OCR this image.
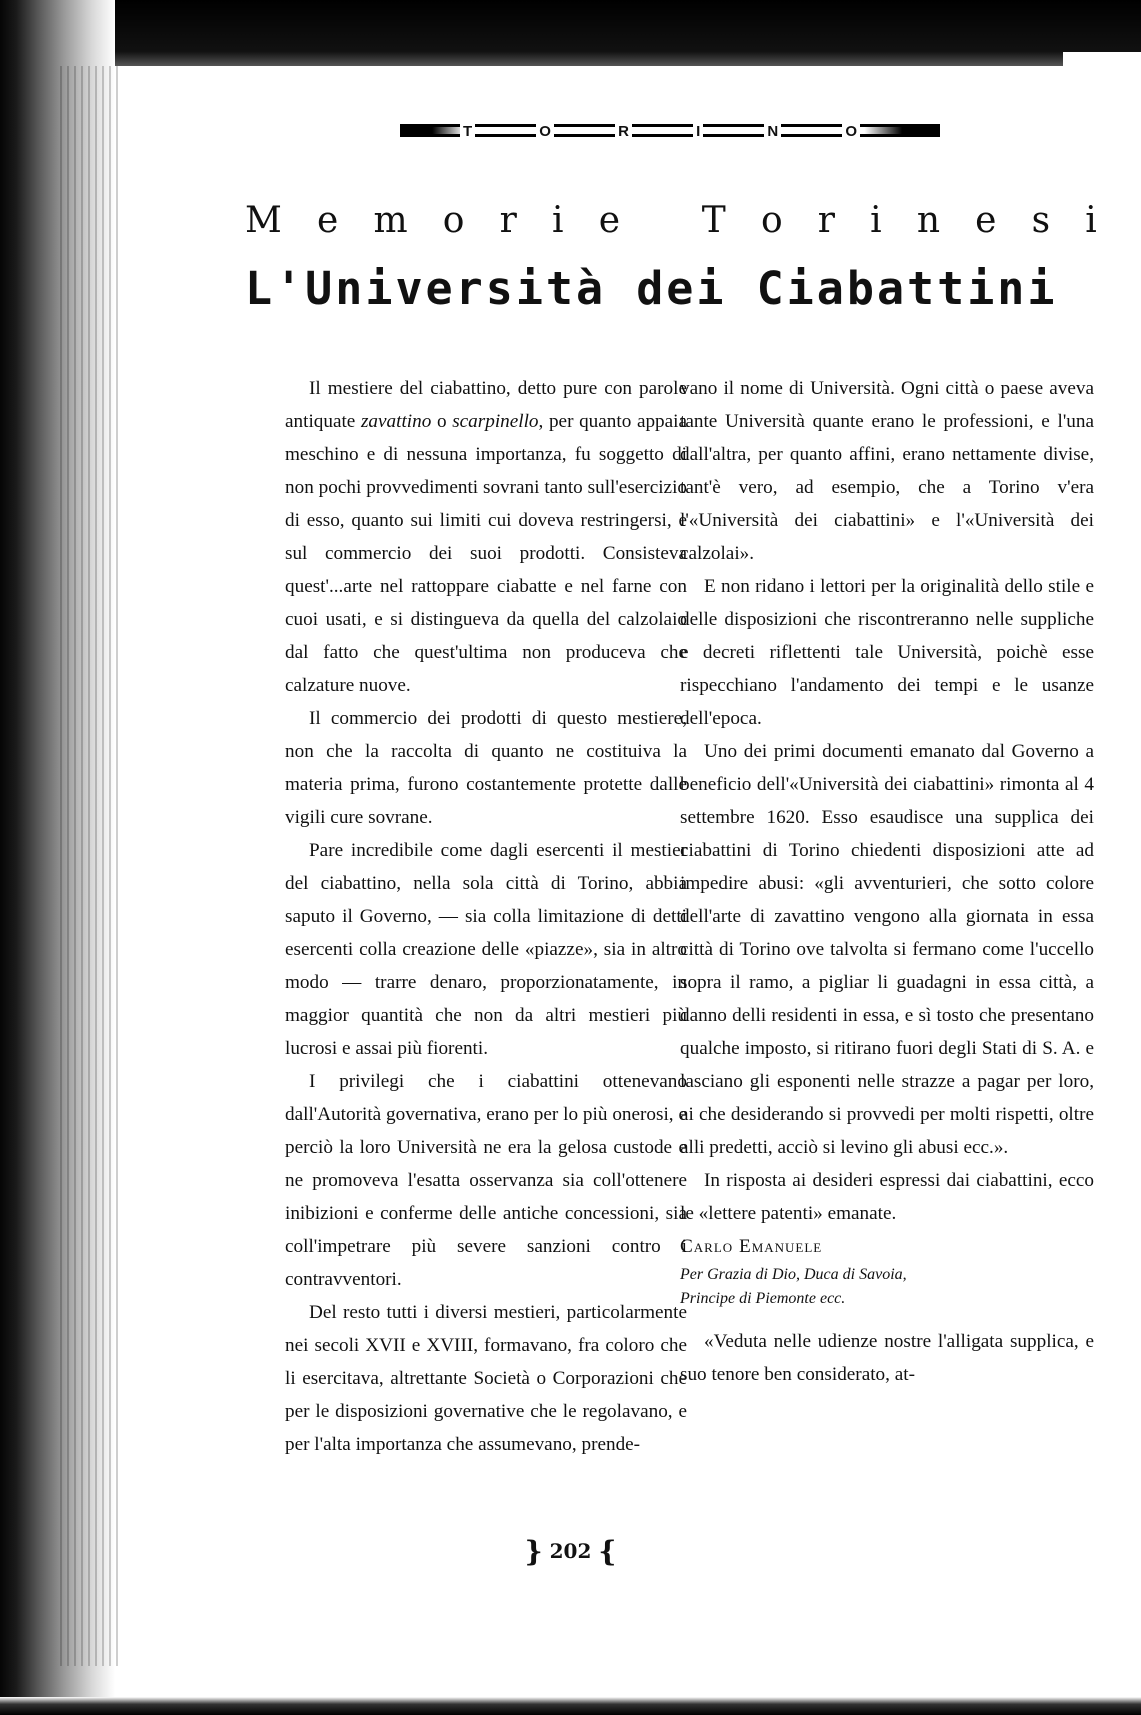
T	O	R	I	N	O
M e m o r i e
T o r i n e s i
L'Università dei Ciabattini

Il mestiere del ciabattino, detto pure con parole antiquate zavattino o scarpinello, per quanto appaia meschino e di nessuna importanza, fu soggetto di non pochi provvedimenti sovrani tanto sull'esercizio di esso, quanto sui limiti cui doveva restringersi, e sul commercio dei suoi prodotti. Consisteva quest'...arte nel rattoppare ciabatte e nel farne con cuoi usati, e si distingueva da quella del calzolaio dal fatto che quest'ultima non produceva che calzature nuove.

Il commercio dei prodotti di questo mestiere, non che la raccolta di quanto ne costituiva la materia prima, furono costantemente protette dalle vigili cure sovrane.

Pare incredibile come dagli esercenti il mestier del ciabattino, nella sola città di Torino, abbia saputo il Governo, — sia colla limitazione di detti esercenti colla creazione delle «piazze», sia in altro modo — trarre denaro, proporzionatamente, in maggior quantità che non da altri mestieri più lucrosi e assai più fiorenti.

I privilegi che i ciabattini ottenevano dall'Autorità governativa, erano per lo più onerosi, e perciò la loro Università ne era la gelosa custode e ne promoveva l'esatta osservanza sia coll'ottenere inibizioni e conferme delle antiche concessioni, sia coll'impetrare più severe sanzioni contro i contravventori.

Del resto tutti i diversi mestieri, particolarmente nei secoli XVII e XVIII, formavano, fra coloro che li esercitava, altrettante Società o Corporazioni che per le disposizioni governative che le regolavano, e per l'alta importanza che assumevano, prende-

vano il nome di Università. Ogni città o paese aveva tante Università quante erano le professioni, e l'una dall'altra, per quanto affini, erano nettamente divise, tant'è vero, ad esempio, che a Torino v'era l'«Università dei ciabattini» e l'«Università dei calzolai».

E non ridano i lettori per la originalità dello stile e delle disposizioni che riscontreranno nelle suppliche e decreti riflettenti tale Università, poichè esse rispecchiano l'andamento dei tempi e le usanze dell'epoca.

Uno dei primi documenti emanato dal Governo a beneficio dell'«Università dei ciabattini» rimonta al 4 settembre 1620. Esso esaudisce una supplica dei ciabattini di Torino chiedenti disposizioni atte ad impedire abusi: «gli avventurieri, che sotto colore dell'arte di zavattino vengono alla giornata in essa città di Torino ove talvolta si fermano come l'uccello sopra il ramo, a pigliar li guadagni in essa città, a danno delli residenti in essa, e sì tosto che presentano qualche imposto, si ritirano fuori degli Stati di S. A. e lasciano gli esponenti nelle strazze a pagar per loro, ai che desiderando si provvedi per molti rispetti, oltre alli predetti, acciò si levino gli abusi ecc.».

In risposta ai desideri espressi dai ciabattini, ecco le «lettere patenti» emanate.

Carlo Emanuele

Per Grazia di Dio, Duca di Savoia,

Principe di Piemonte ecc.

«Veduta nelle udienze nostre l'alligata supplica, e suo tenore ben considerato, at-

} 202 {
